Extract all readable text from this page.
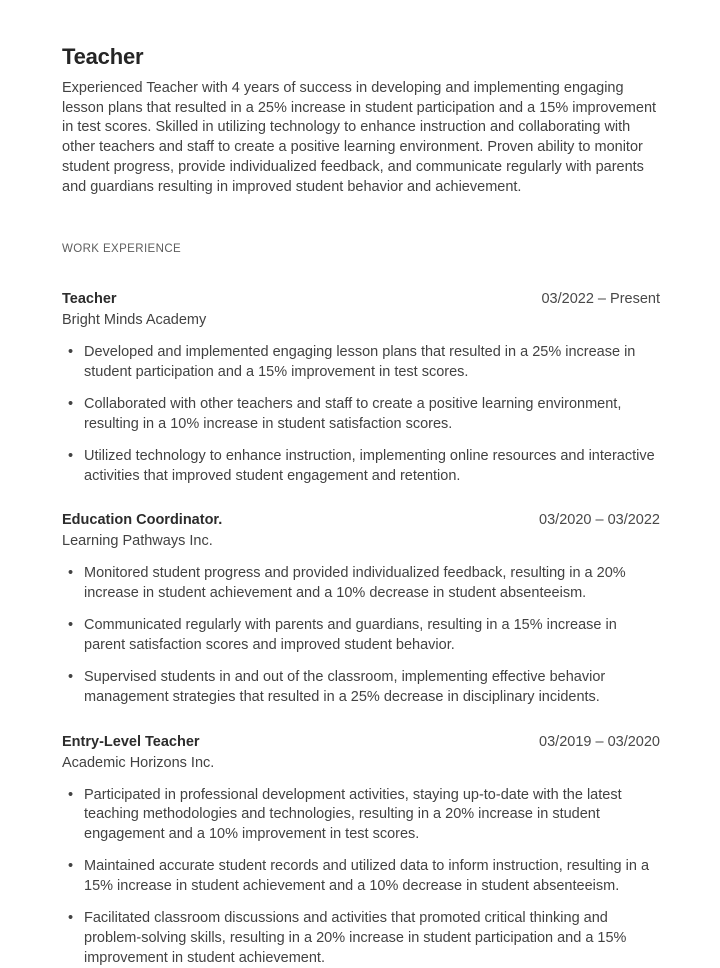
Teacher

Experienced Teacher with 4 years of success in developing and implementing engaging lesson plans that resulted in a 25% increase in student participation and a 15% improvement in test scores. Skilled in utilizing technology to enhance instruction and collaborating with other teachers and staff to create a positive learning environment. Proven ability to monitor student progress, provide individualized feedback, and communicate regularly with parents and guardians resulting in improved student behavior and achievement.

WORK EXPERIENCE
Teacher	03/2022 – Present
Bright Minds Academy
• Developed and implemented engaging lesson plans that resulted in a 25% increase in student participation and a 15% improvement in test scores.
• Collaborated with other teachers and staff to create a positive learning environment, resulting in a 10% increase in student satisfaction scores.
• Utilized technology to enhance instruction, implementing online resources and interactive activities that improved student engagement and retention.
Education Coordinator.	03/2020 – 03/2022
Learning Pathways Inc.
• Monitored student progress and provided individualized feedback, resulting in a 20% increase in student achievement and a 10% decrease in student absenteeism.
• Communicated regularly with parents and guardians, resulting in a 15% increase in parent satisfaction scores and improved student behavior.
• Supervised students in and out of the classroom, implementing effective behavior management strategies that resulted in a 25% decrease in disciplinary incidents.
Entry-Level Teacher	03/2019 – 03/2020
Academic Horizons Inc.
• Participated in professional development activities, staying up-to-date with the latest teaching methodologies and technologies, resulting in a 20% increase in student engagement and a 10% improvement in test scores.
• Maintained accurate student records and utilized data to inform instruction, resulting in a 15% increase in student achievement and a 10% decrease in student absenteeism.
• Facilitated classroom discussions and activities that promoted critical thinking and problem-solving skills, resulting in a 20% increase in student participation and a 15% improvement in student achievement.
